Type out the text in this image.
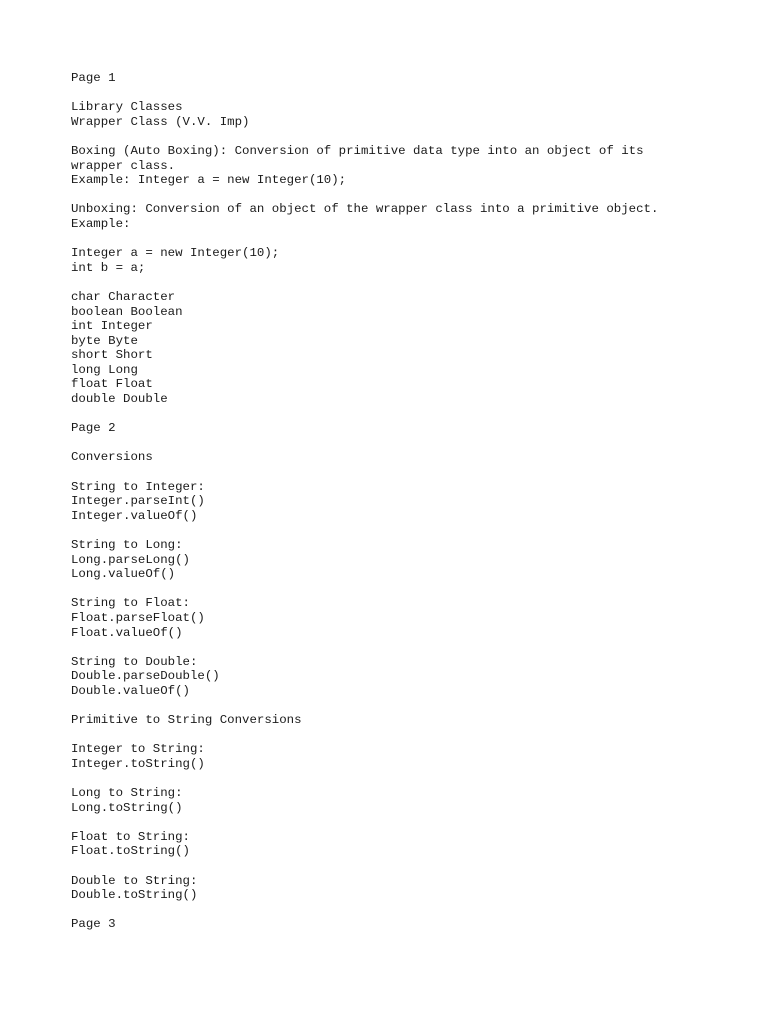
Page 1
Library Classes
Wrapper Class (V.V. Imp)
Boxing (Auto Boxing): Conversion of primitive data type into an object of its
wrapper class.
Example: Integer a = new Integer(10);
Unboxing: Conversion of an object of the wrapper class into a primitive object.
Example:
Integer a = new Integer(10);
int b = a;
char Character
boolean Boolean
int Integer
byte Byte
short Short
long Long
float Float
double Double
Page 2
Conversions
String to Integer:
Integer.parseInt()
Integer.valueOf()
String to Long:
Long.parseLong()
Long.valueOf()
String to Float:
Float.parseFloat()
Float.valueOf()
String to Double:
Double.parseDouble()
Double.valueOf()
Primitive to String Conversions
Integer to String:
Integer.toString()
Long to String:
Long.toString()
Float to String:
Float.toString()
Double to String:
Double.toString()
Page 3
